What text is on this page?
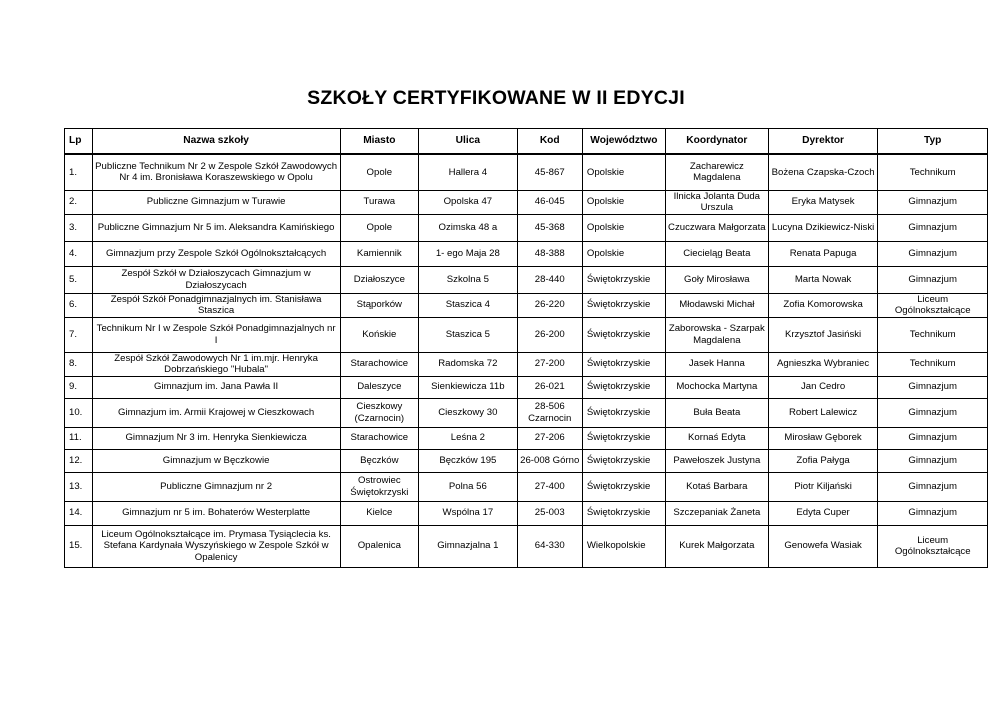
SZKOŁY CERTYFIKOWANE W II EDYCJI
Lp	Nazwa szkoły	Miasto	Ulica	Kod	Województwo	Koordynator	Dyrektor	Typ
1.	Publiczne Technikum Nr 2 w Zespole Szkół Zawodowych Nr 4 im. Bronisława Koraszewskiego w Opolu	Opole	Hallera 4	45-867	Opolskie	Zacharewicz Magdalena	Bożena Czapska-Czoch	Technikum
2.	Publiczne Gimnazjum w Turawie	Turawa	Opolska 47	46-045	Opolskie	Ilnicka Jolanta Duda Urszula	Eryka Matysek	Gimnazjum
3.	Publiczne Gimnazjum Nr 5 im. Aleksandra Kamińskiego	Opole	Ozimska 48 a	45-368	Opolskie	Czuczwara Małgorzata	Lucyna Dzikiewicz-Niski	Gimnazjum
4.	Gimnazjum przy Zespole Szkół Ogólnokształcących	Kamiennik	1- ego Maja 28	48-388	Opolskie	Ciecieląg Beata	Renata Papuga	Gimnazjum
5.	Zespół Szkół w Działoszycach Gimnazjum w Działoszycach	Działoszyce	Szkolna 5	28-440	Świętokrzyskie	Goły Mirosława	Marta Nowak	Gimnazjum
6.	Zespół Szkół Ponadgimnazjalnych im. Stanisława Staszica	Stąporków	Staszica 4	26-220	Świętokrzyskie	Młodawski Michał	Zofia Komorowska	Liceum Ogólnokształcące
7.	Technikum Nr I w Zespole Szkół Ponadgimnazjalnych nr I	Końskie	Staszica 5	26-200	Świętokrzyskie	Zaborowska - Szarpak Magdalena	Krzysztof Jasiński	Technikum
8.	Zespół Szkół Zawodowych Nr 1 im.mjr. Henryka Dobrzańskiego "Hubala"	Starachowice	Radomska 72	27-200	Świętokrzyskie	Jasek Hanna	Agnieszka Wybraniec	Technikum
9.	Gimnazjum im. Jana Pawła II	Daleszyce	Sienkiewicza 11b	26-021	Świętokrzyskie	Mochocka Martyna	Jan Cedro	Gimnazjum
10.	Gimnazjum im. Armii Krajowej w Cieszkowach	Cieszkowy (Czarnocin)	Cieszkowy 30	28-506 Czarnocin	Świętokrzyskie	Buła Beata	Robert Lalewicz	Gimnazjum
11.	Gimnazjum Nr 3 im. Henryka Sienkiewicza	Starachowice	Leśna 2	27-206	Świętokrzyskie	Kornaś Edyta	Mirosław Gęborek	Gimnazjum
12.	Gimnazjum w Bęczkowie	Bęczków	Bęczków 195	26-008 Górno	Świętokrzyskie	Pawełoszek Justyna	Zofia Pałyga	Gimnazjum
13.	Publiczne Gimnazjum nr 2	Ostrowiec Świętokrzyski	Polna 56	27-400	Świętokrzyskie	Kotaś Barbara	Piotr Kiljański	Gimnazjum
14.	Gimnazjum nr 5 im. Bohaterów Westerplatte	Kielce	Wspólna 17	25-003	Świętokrzyskie	Szczepaniak Żaneta	Edyta Cuper	Gimnazjum
15.	Liceum Ogólnokształcące im. Prymasa Tysiąclecia ks. Stefana Kardynała Wyszyńskiego w Zespole Szkół w Opalenicy	Opalenica	Gimnazjalna 1	64-330	Wielkopolskie	Kurek Małgorzata	Genowefa Wasiak	Liceum Ogólnokształcące
